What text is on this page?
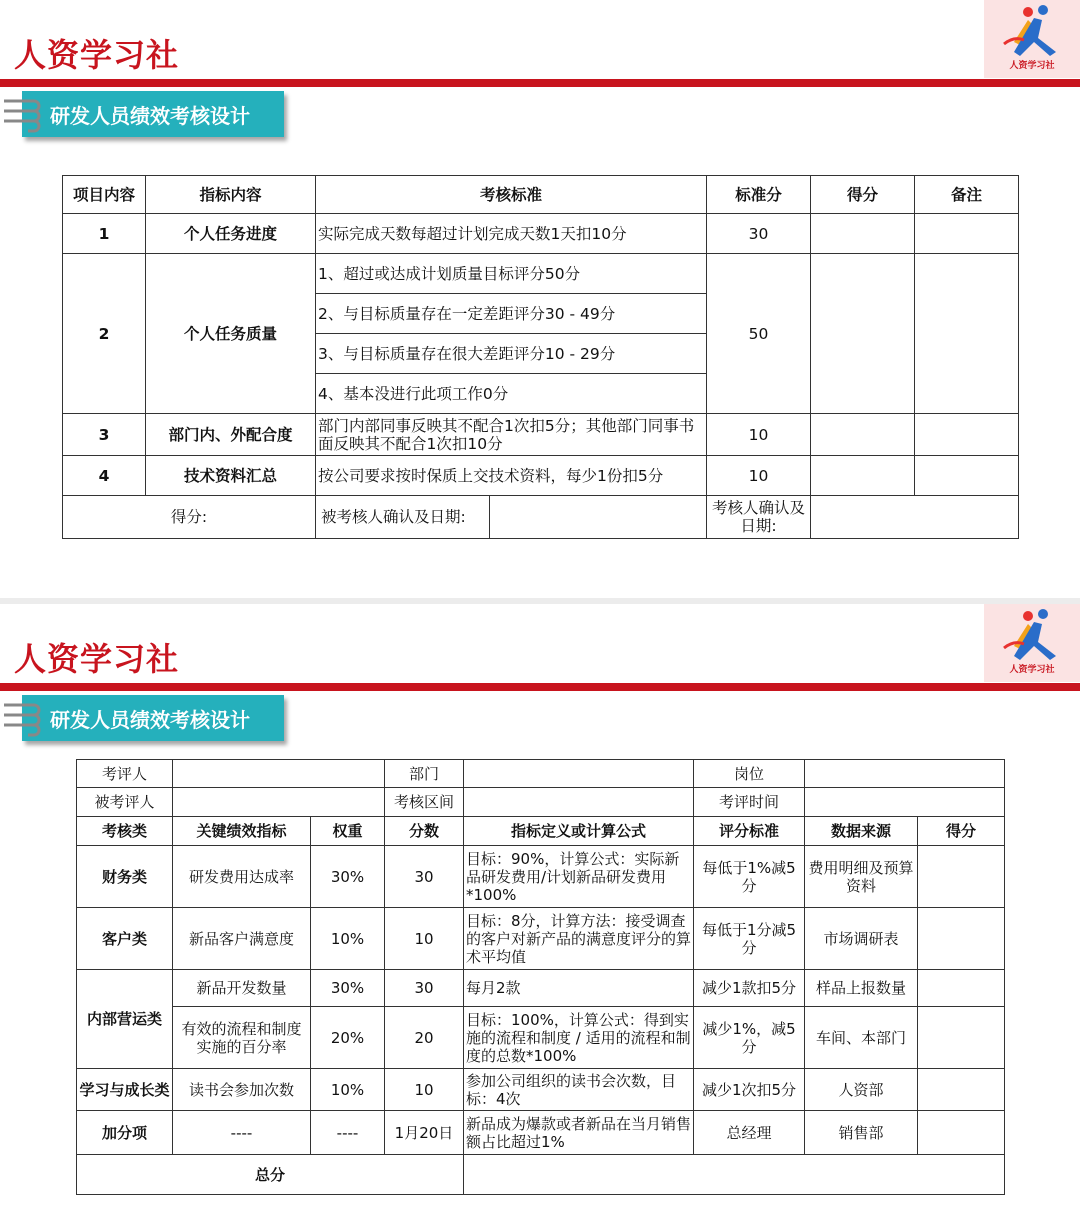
人资学习社	人资学习社
研发人员绩效考核设计
项目内容	指标内容	考核标准	标准分	得分	备注
1	个人任务进度	实际完成天数每超过计划完成天数1天扣10分	30		
2	个人任务质量	1、超过或达成计划质量目标评分50分	50		
		2、与目标质量存在一定差距评分30 - 49分			
		3、与目标质量存在很大差距评分10 - 29分			
		4、基本没进行此项工作0分			
3	部门内、外配合度	部门内部同事反映其不配合1次扣5分；其他部门同事书面反映其不配合1次扣10分	10		
4	技术资料汇总	按公司要求按时保质上交技术资料，每少1份扣5分	10		
得分:		被考核人确认及日期:	考核人确认及日期:		
人资学习社	人资学习社
研发人员绩效考核设计
考评人			部门		岗位		
被考评人			考核区间		考评时间		
考核类	关键绩效指标	权重	分数	指标定义或计算公式	评分标准	数据来源	得分
财务类	研发费用达成率	30%	30	目标：90%，计算公式：实际新品研发费用/计划新品研发费用*100%	每低于1%减5分	费用明细及预算资料	
客户类	新品客户满意度	10%	10	目标：8分，计算方法：接受调查的客户对新产品的满意度评分的算术平均值	每低于1分减5分	市场调研表	
内部营运类	新品开发数量	30%	30	每月2款	减少1款扣5分	样品上报数量	
	有效的流程和制度实施的百分率	20%	20	目标：100%，计算公式：得到实施的流程和制度 / 适用的流程和制度的总数*100%	减少1%，减5分	车间、本部门	
学习与成长类	读书会参加次数	10%	10	参加公司组织的读书会次数，目标：4次	减少1次扣5分	人资部	
加分项	----	----	1月20日	新品成为爆款或者新品在当月销售额占比超过1%	总经理	销售部	
总分							
